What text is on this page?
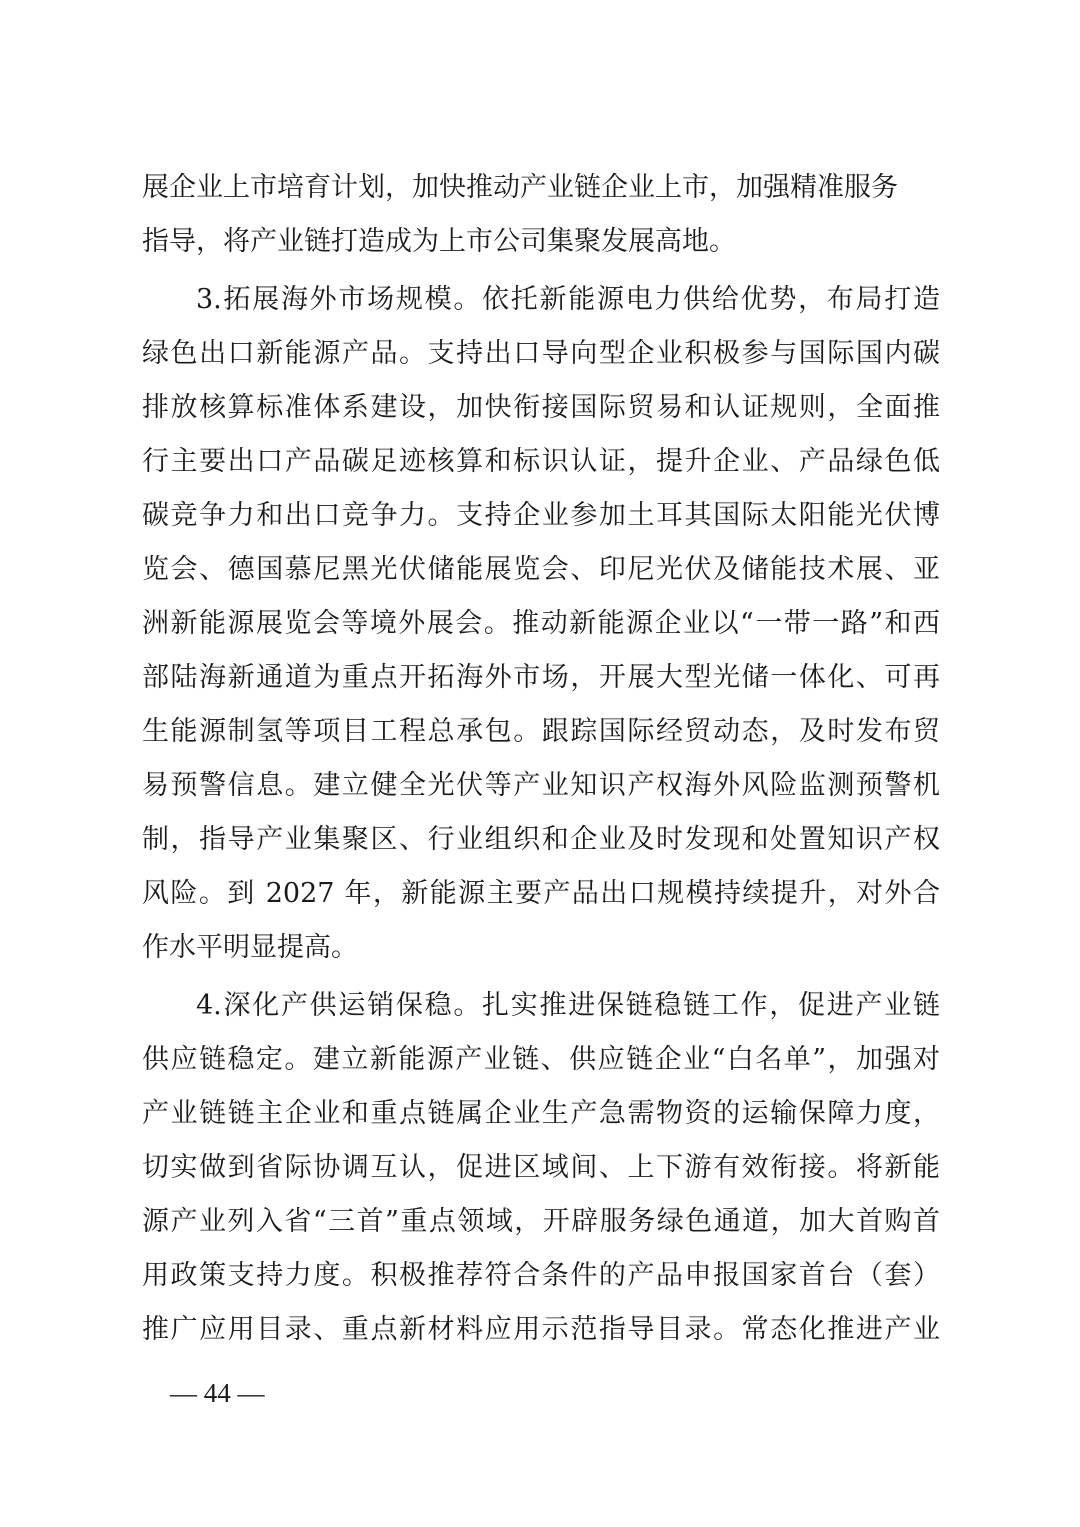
展企业上市培育计划，加快推动产业链企业上市，加强精准服务
指导，将产业链打造成为上市公司集聚发展高地。
3.拓展海外市场规模。依托新能源电力供给优势，布局打造
绿色出口新能源产品。支持出口导向型企业积极参与国际国内碳
排放核算标准体系建设，加快衔接国际贸易和认证规则，全面推
行主要出口产品碳足迹核算和标识认证，提升企业、产品绿色低
碳竞争力和出口竞争力。支持企业参加土耳其国际太阳能光伏博
览会、德国慕尼黑光伏储能展览会、印尼光伏及储能技术展、亚
洲新能源展览会等境外展会。推动新能源企业以“一带一路”和西
部陆海新通道为重点开拓海外市场，开展大型光储一体化、可再
生能源制氢等项目工程总承包。跟踪国际经贸动态，及时发布贸
易预警信息。建立健全光伏等产业知识产权海外风险监测预警机
制，指导产业集聚区、行业组织和企业及时发现和处置知识产权
风险。到 2027 年，新能源主要产品出口规模持续提升，对外合
作水平明显提高。
4.深化产供运销保稳。扎实推进保链稳链工作，促进产业链
供应链稳定。建立新能源产业链、供应链企业“白名单”，加强对
产业链链主企业和重点链属企业生产急需物资的运输保障力度，
切实做到省际协调互认，促进区域间、上下游有效衔接。将新能
源产业列入省“三首”重点领域，开辟服务绿色通道，加大首购首
用政策支持力度。积极推荐符合条件的产品申报国家首台（套）
推广应用目录、重点新材料应用示范指导目录。常态化推进产业
— 44 —
